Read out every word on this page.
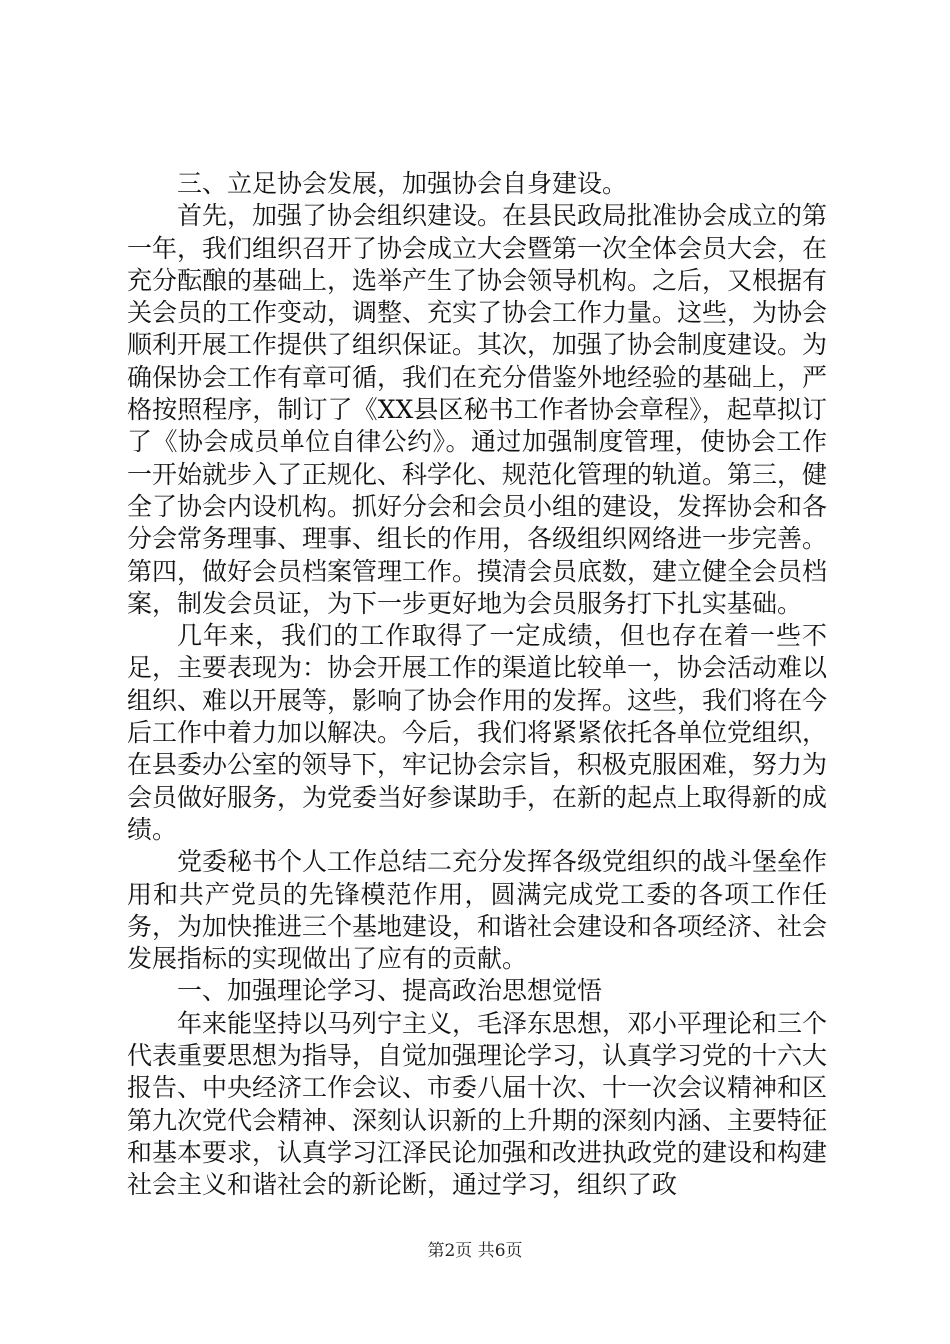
三、立足协会发展，加强协会自身建设。

首先，加强了协会组织建设。在县民政局批准协会成立的第一年，我们组织召开了协会成立大会暨第一次全体会员大会，在充分酝酿的基础上，选举产生了协会领导机构。之后，又根据有关会员的工作变动，调整、充实了协会工作力量。这些，为协会顺利开展工作提供了组织保证。其次，加强了协会制度建设。为确保协会工作有章可循，我们在充分借鉴外地经验的基础上，严格按照程序，制订了《XX县区秘书工作者协会章程》，起草拟订了《协会成员单位自律公约》。通过加强制度管理，使协会工作一开始就步入了正规化、科学化、规范化管理的轨道。第三，健全了协会内设机构。抓好分会和会员小组的建设，发挥协会和各分会常务理事、理事、组长的作用，各级组织网络进一步完善。第四，做好会员档案管理工作。摸清会员底数，建立健全会员档案，制发会员证，为下一步更好地为会员服务打下扎实基础。

几年来，我们的工作取得了一定成绩，但也存在着一些不足，主要表现为：协会开展工作的渠道比较单一，协会活动难以组织、难以开展等，影响了协会作用的发挥。这些，我们将在今后工作中着力加以解决。今后，我们将紧紧依托各单位党组织，在县委办公室的领导下，牢记协会宗旨，积极克服困难，努力为会员做好服务，为党委当好参谋助手，在新的起点上取得新的成绩。

党委秘书个人工作总结二充分发挥各级党组织的战斗堡垒作用和共产党员的先锋模范作用，圆满完成党工委的各项工作任务，为加快推进三个基地建设，和谐社会建设和各项经济、社会发展指标的实现做出了应有的贡献。

一、加强理论学习、提高政治思想觉悟

年来能坚持以马列宁主义，毛泽东思想，邓小平理论和三个代表重要思想为指导，自觉加强理论学习，认真学习党的十六大报告、中央经济工作会议、市委八届十次、十一次会议精神和区第九次党代会精神、深刻认识新的上升期的深刻内涵、主要特征和基本要求，认真学习江泽民论加强和改进执政党的建设和构建社会主义和谐社会的新论断，通过学习，组织了政

第2页 共6页
